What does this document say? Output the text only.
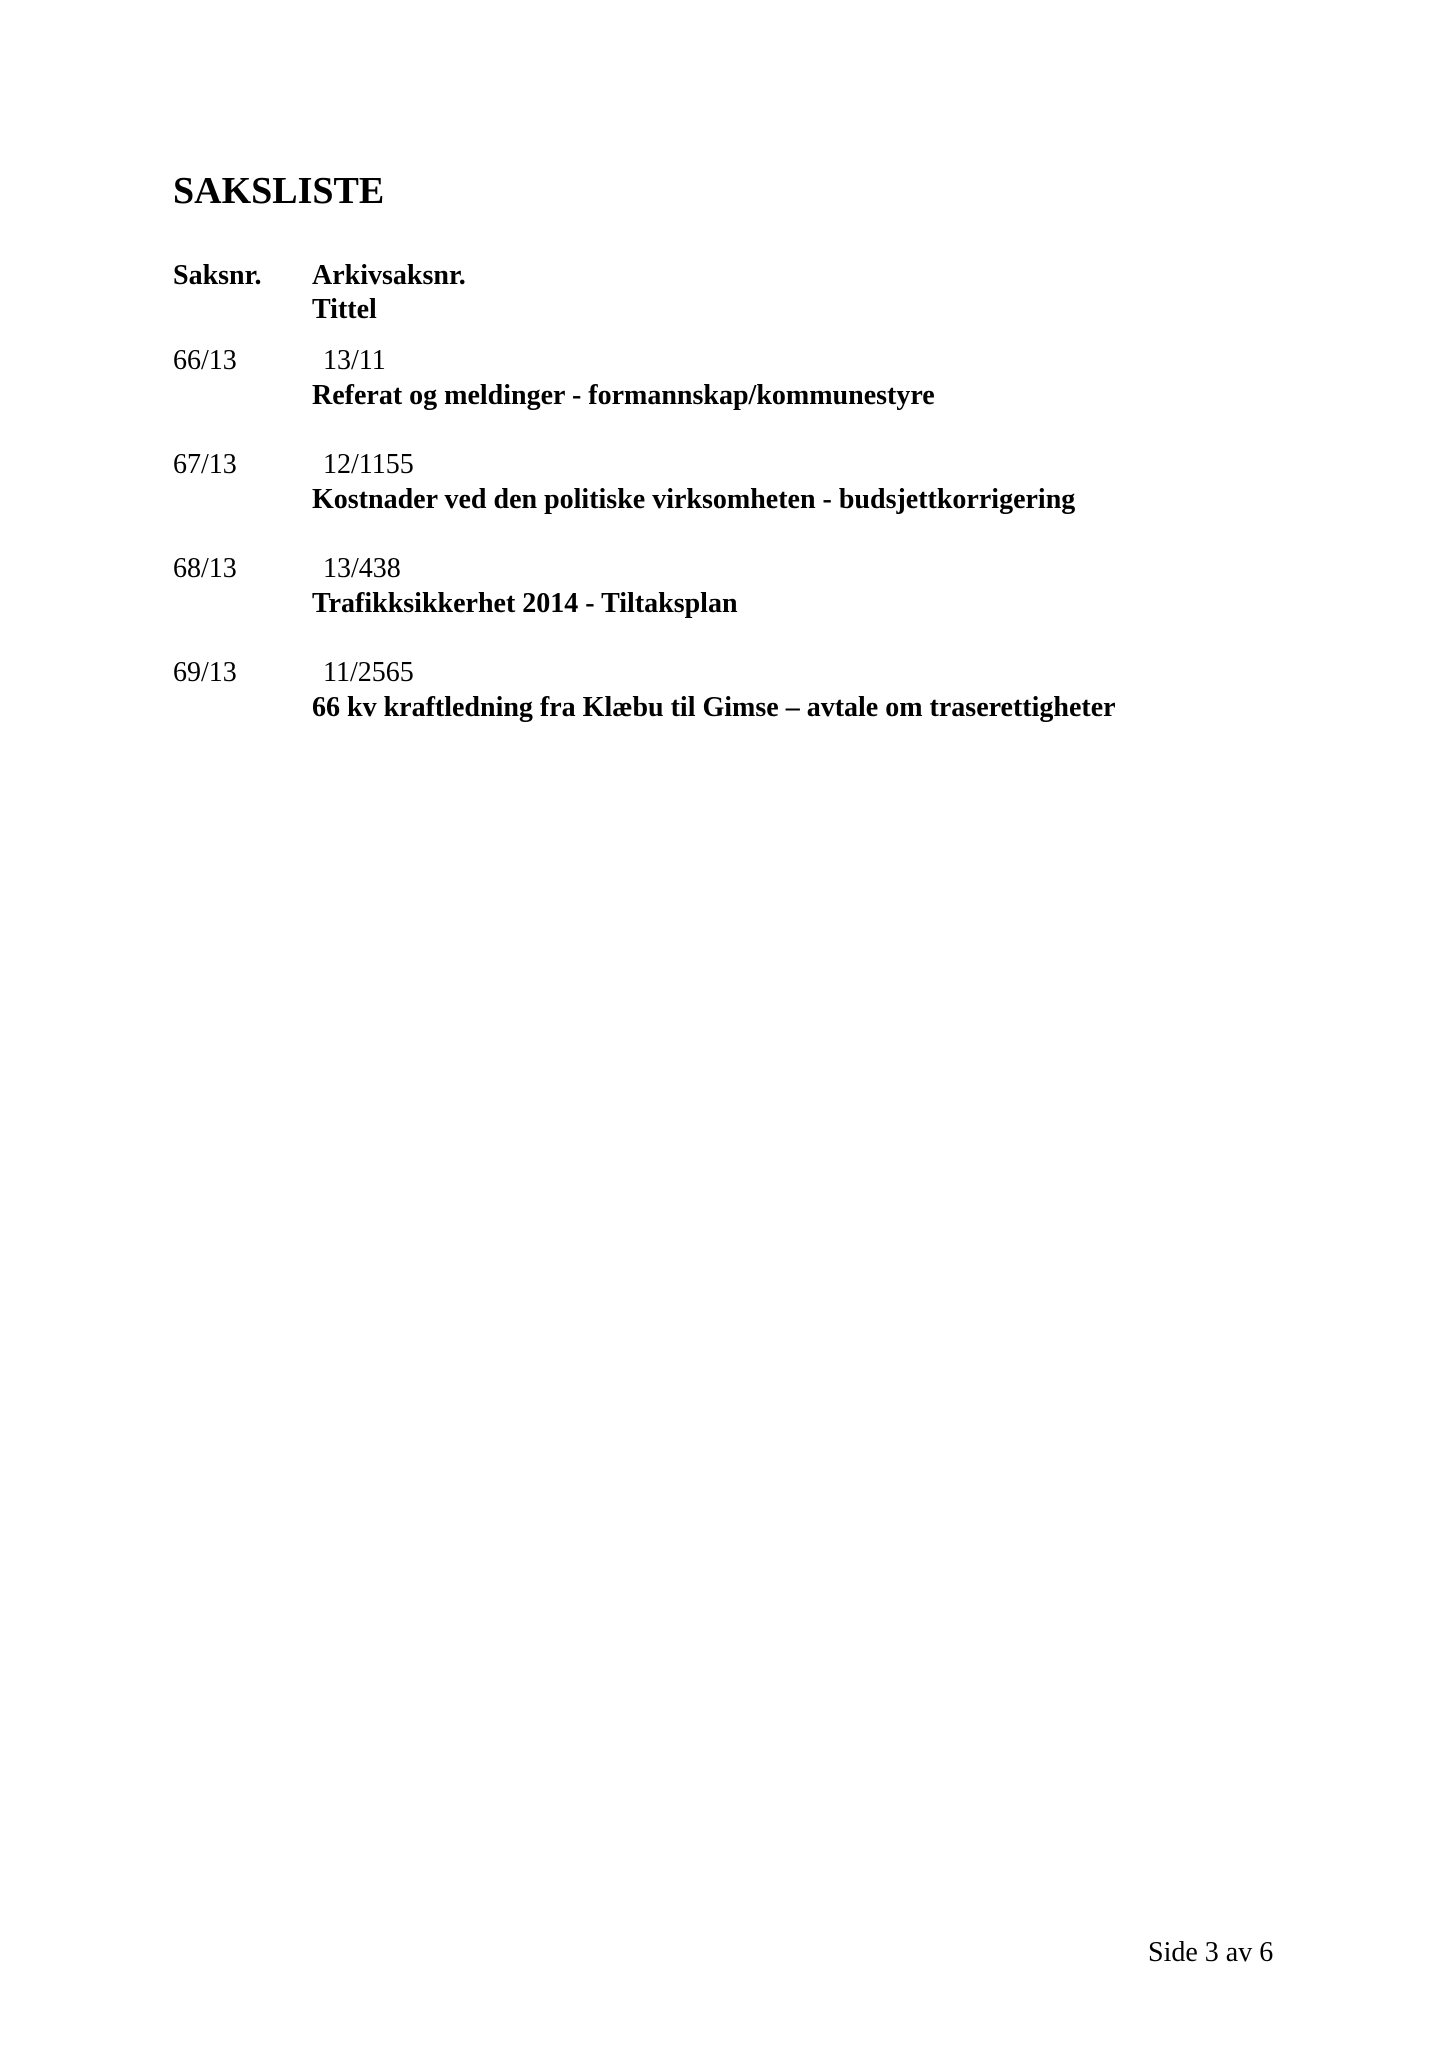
SAKSLISTE
Saksnr. Arkivsaksnr.
Tittel
66/13	13/11
Referat og meldinger - formannskap/kommunestyre
67/13	12/1155
Kostnader ved den politiske virksomheten - budsjettkorrigering
68/13	13/438
Trafikksikkerhet 2014 - Tiltaksplan
69/13	11/2565
66 kv kraftledning fra Klæbu til Gimse – avtale om traserettigheter
Side 3 av 6
